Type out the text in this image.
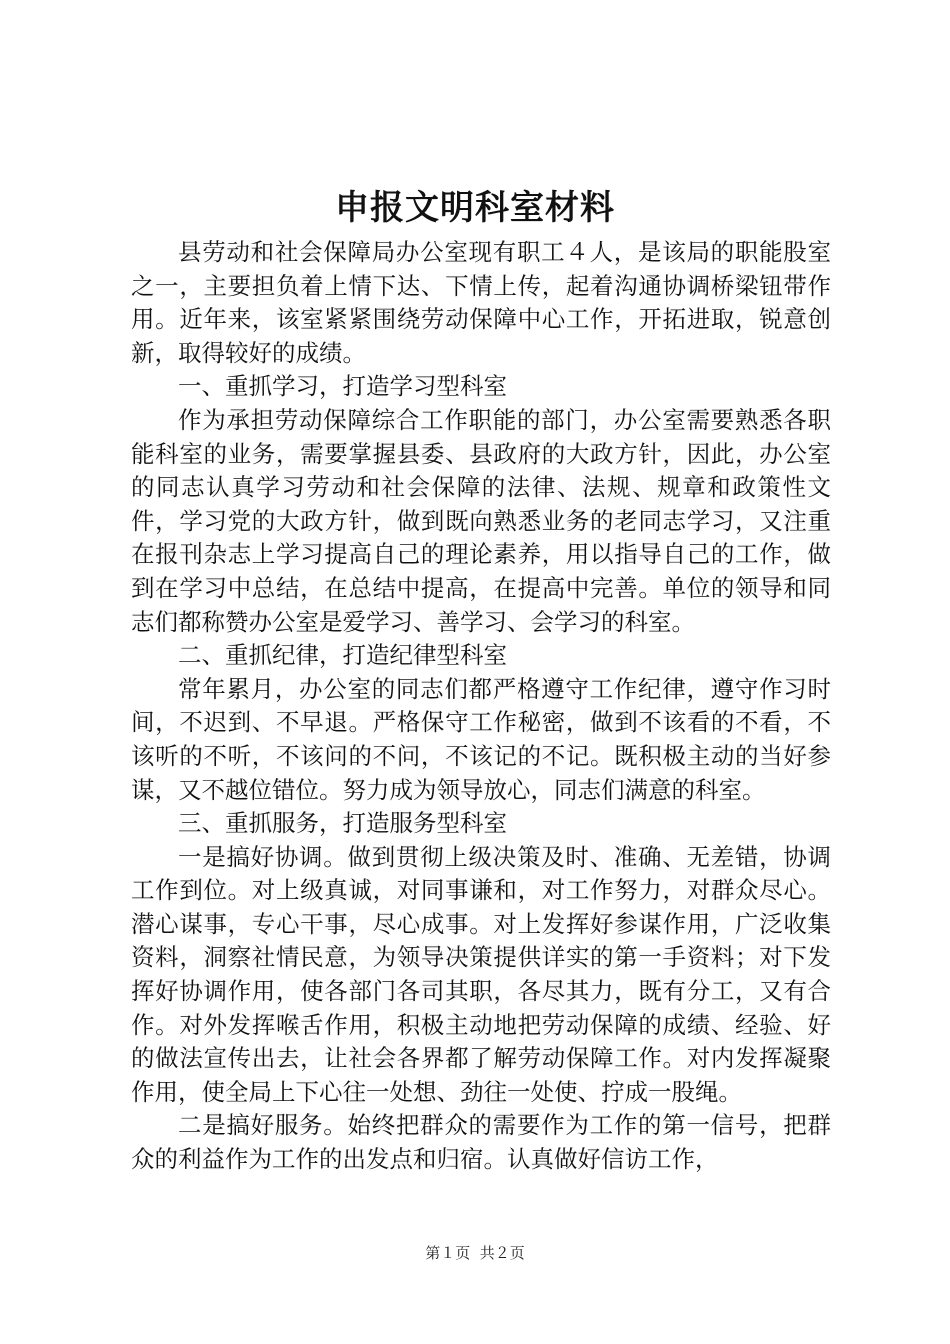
申报文明科室材料

县劳动和社会保障局办公室现有职工４人，是该局的职能股室之一，主要担负着上情下达、下情上传，起着沟通协调桥梁钮带作用。近年来，该室紧紧围绕劳动保障中心工作，开拓进取，锐意创新，取得较好的成绩。

一、重抓学习，打造学习型科室

作为承担劳动保障综合工作职能的部门，办公室需要熟悉各职能科室的业务，需要掌握县委、县政府的大政方针，因此，办公室的同志认真学习劳动和社会保障的法律、法规、规章和政策性文件，学习党的大政方针，做到既向熟悉业务的老同志学习，又注重在报刊杂志上学习提高自己的理论素养，用以指导自己的工作，做到在学习中总结，在总结中提高，在提高中完善。单位的领导和同志们都称赞办公室是爱学习、善学习、会学习的科室。

二、重抓纪律，打造纪律型科室

常年累月，办公室的同志们都严格遵守工作纪律，遵守作习时间，不迟到、不早退。严格保守工作秘密，做到不该看的不看，不该听的不听，不该问的不问，不该记的不记。既积极主动的当好参谋，又不越位错位。努力成为领导放心，同志们满意的科室。

三、重抓服务，打造服务型科室

一是搞好协调。做到贯彻上级决策及时、准确、无差错，协调工作到位。对上级真诚，对同事谦和，对工作努力，对群众尽心。潜心谋事，专心干事，尽心成事。对上发挥好参谋作用，广泛收集资料，洞察社情民意，为领导决策提供详实的第一手资料；对下发挥好协调作用，使各部门各司其职，各尽其力，既有分工，又有合作。对外发挥喉舌作用，积极主动地把劳动保障的成绩、经验、好的做法宣传出去，让社会各界都了解劳动保障工作。对内发挥凝聚作用，使全局上下心往一处想、劲往一处使、拧成一股绳。

二是搞好服务。始终把群众的需要作为工作的第一信号，把群众的利益作为工作的出发点和归宿。认真做好信访工作，

第１页 共２页
